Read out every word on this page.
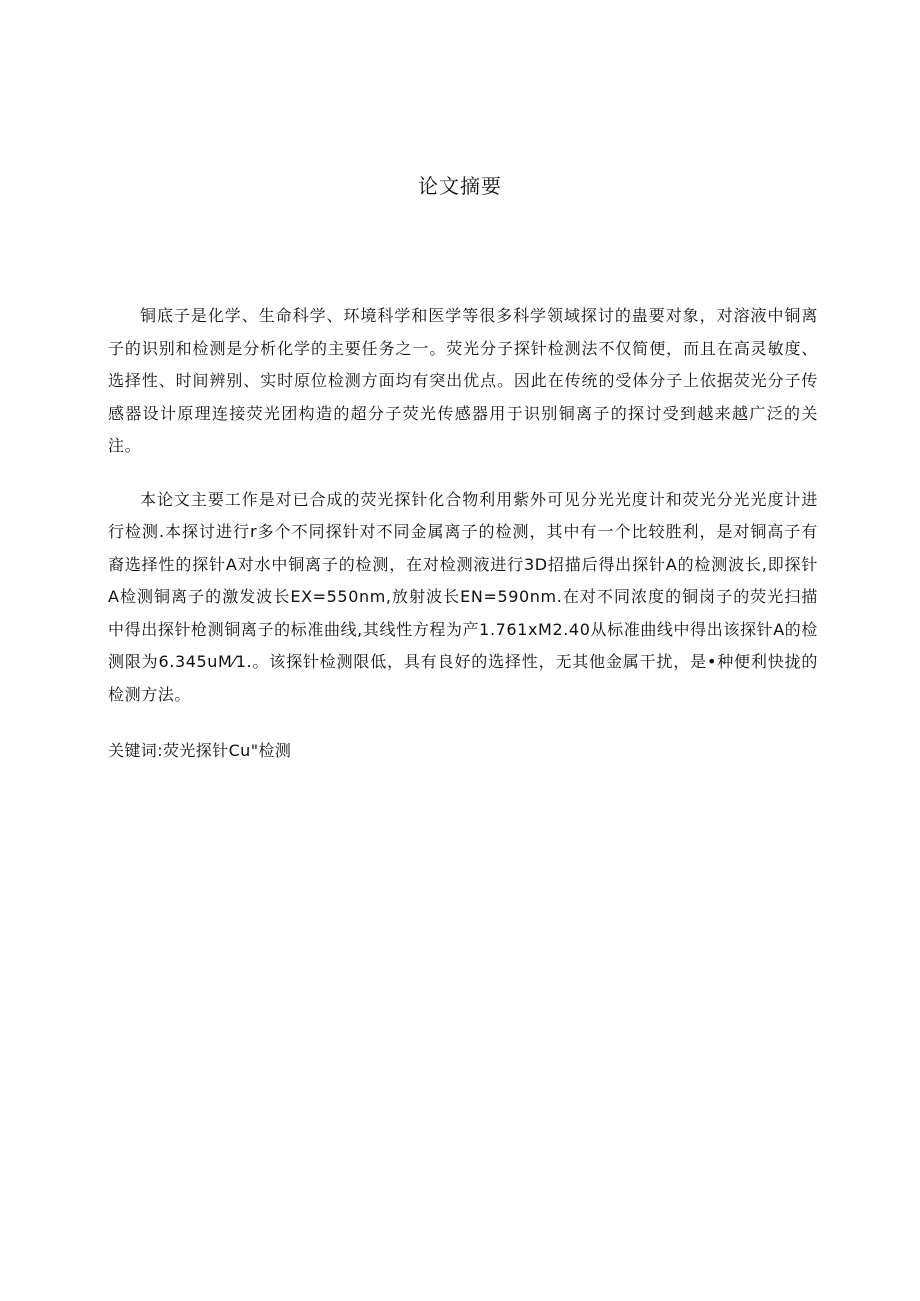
论文摘要

铜底子是化学、生命科学、环境科学和医学等很多科学领域探讨的蛊要对象，对溶液中铜离子的识别和检测是分析化学的主要任务之一。荧光分子探针检测法不仅简便，而且在高灵敏度、选择性、时间辨别、实时原位检测方面均有突出优点。因此在传统的受体分子上依据荧光分子传感器设计原理连接荧光团构造的超分子荧光传感器用于识别铜离子的探讨受到越来越广泛的关注。

本论文主要工作是对已合成的荧光探针化合物利用紫外可见分光光度计和荧光分光光度计进行检测.本探讨进行r多个不同探针对不同金属离子的检测，其中有一个比较胜利，是对铜高子有裔选择性的探针A对水中铜离子的检测，在对检测液进行3D招描后得出探针A的检测波长,即探针A检测铜离子的激发波长EX=550nm,放射波长EN=590nm.在对不同浓度的铜岗子的荧光扫描中得出探针枪测铜离子的标准曲线,其线性方程为产1.761xM2.40从标准曲线中得出该探针A的检测限为6.345uM⁄1.。该探针检测限低，具有良好的选择性，无其他金属干扰，是•种便利快拢的检测方法。

关键词:荧光探针Cu"检测
